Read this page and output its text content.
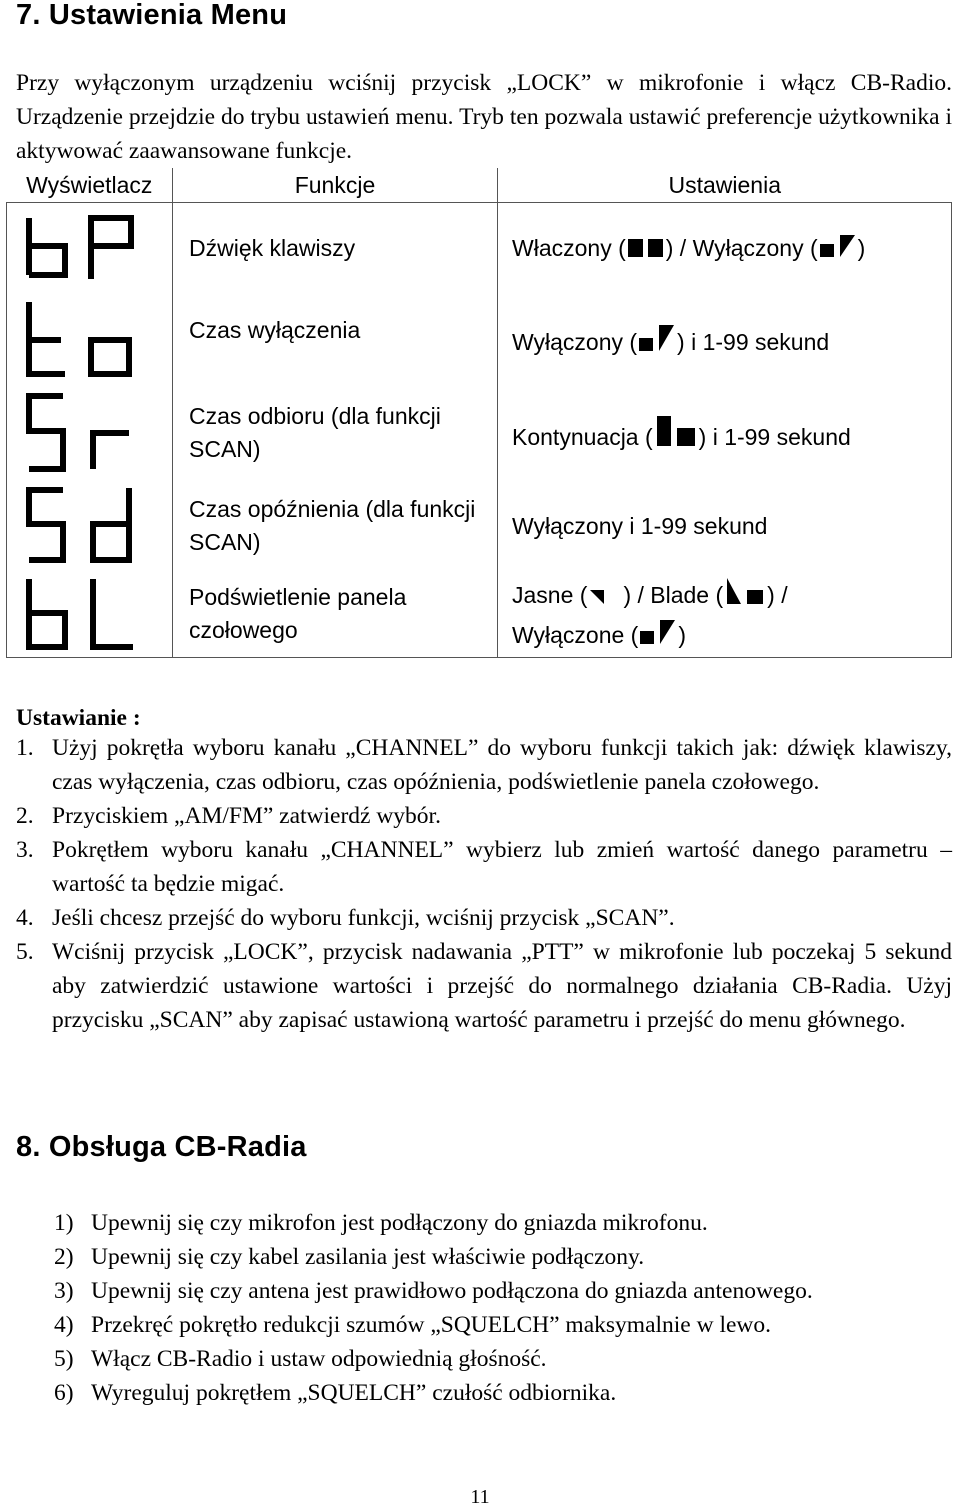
7. Ustawienia Menu
Przy wyłączonym urządzeniu wciśnij przycisk „LOCK” w mikrofonie i włącz CB-Radio. Urządzenie przejdzie do trybu ustawień menu. Tryb ten pozwala ustawić preferencje użytkownika i aktywować zaawansowane funkcje.
Wyświetlacz	Funkcje	Ustawienia

	Dźwięk klawiszy	Właczony ( ) / Wyłączony ( )

	Czas wyłączenia	Wyłączony ( ) i 1-99 sekund

	Czas odbioru (dla funkcji SCAN)	Kontynuacja ( ) i 1-99 sekund

	Czas opóźnienia (dla funkcji SCAN)	Wyłączony i 1-99 sekund

	Podświetlenie panela czołowego	Jasne ( ) / Blade ( ) /
Wyłączone ( )
Ustawianie :
1. Użyj pokrętła wyboru kanału „CHANNEL” do wyboru funkcji takich jak: dźwięk klawiszy, czas wyłączenia, czas odbioru, czas opóźnienia, podświetlenie panela czołowego.
2. Przyciskiem „AM/FM” zatwierdź wybór.
3. Pokrętłem wyboru kanału „CHANNEL” wybierz lub zmień wartość danego parametru – wartość ta będzie migać.
4. Jeśli chcesz przejść do wyboru funkcji, wciśnij przycisk „SCAN”.
5. Wciśnij przycisk „LOCK”, przycisk nadawania „PTT” w mikrofonie lub poczekaj 5 sekund aby zatwierdzić ustawione wartości i przejść do normalnego działania CB-Radia. Użyj przycisku „SCAN” aby zapisać ustawioną wartość parametru i przejść do menu głównego.
8. Obsługa CB-Radia
1) Upewnij się czy mikrofon jest podłączony do gniazda mikrofonu.
2) Upewnij się czy kabel zasilania jest właściwie podłączony.
3) Upewnij się czy antena jest prawidłowo podłączona do gniazda antenowego.
4) Przekręć pokrętło redukcji szumów „SQUELCH” maksymalnie w lewo.
5) Włącz CB-Radio i ustaw odpowiednią głośność.
6) Wyreguluj pokrętłem „SQUELCH” czułość odbiornika.
11
